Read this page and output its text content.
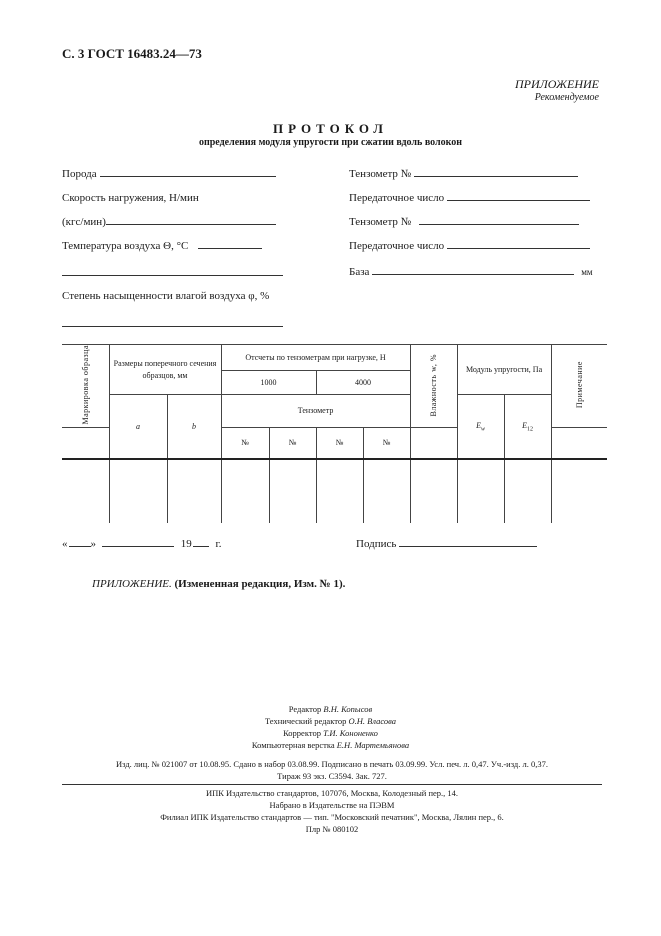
С. 3 ГОСТ 16483.24—73
ПРИЛОЖЕНИЕ
Рекомендуемое
ПРОТОКОЛ
определения модуля упругости при сжатии вдоль волокон
Порода
Скорость нагружения, Н/мин
(кгс/мин)
Температура воздуха Θ, °С
Степень насыщенности влагой воздуха φ, %
Тензометр №
Передаточное число
Тензометр №
Передаточное число
База	мм
Маркировка образца	Размеры поперечного сечения образцов, мм		Отсчеты по тензометрам при нагрузке, Н				Влажность w, %	Модуль упругости, Па		Примечание
			1000		4000					
	a	b	Тензометр					$E_w$	$E_{12}$
			№	№	№	№				

« »	19 г.	Подпись
ПРИЛОЖЕНИЕ. (Измененная редакция, Изм. № 1).
Редактор В.Н. Копысов
Технический редактор О.Н. Власова
Корректор Т.И. Кононенко
Компьютерная верстка Е.Н. Мартемьянова
Изд. лиц. № 021007 от 10.08.95. Сдано в набор 03.08.99. Подписано в печать 03.09.99. Усл. печ. л. 0,47. Уч.-изд. л. 0,37.
Тираж 93 экз. С3594. Зак. 727.
ИПК Издательство стандартов, 107076, Москва, Колодезный пер., 14.
Набрано в Издательстве на ПЭВМ
Филиал ИПК Издательство стандартов — тип. "Московский печатник", Москва, Лялин пер., 6.
Плр № 080102
